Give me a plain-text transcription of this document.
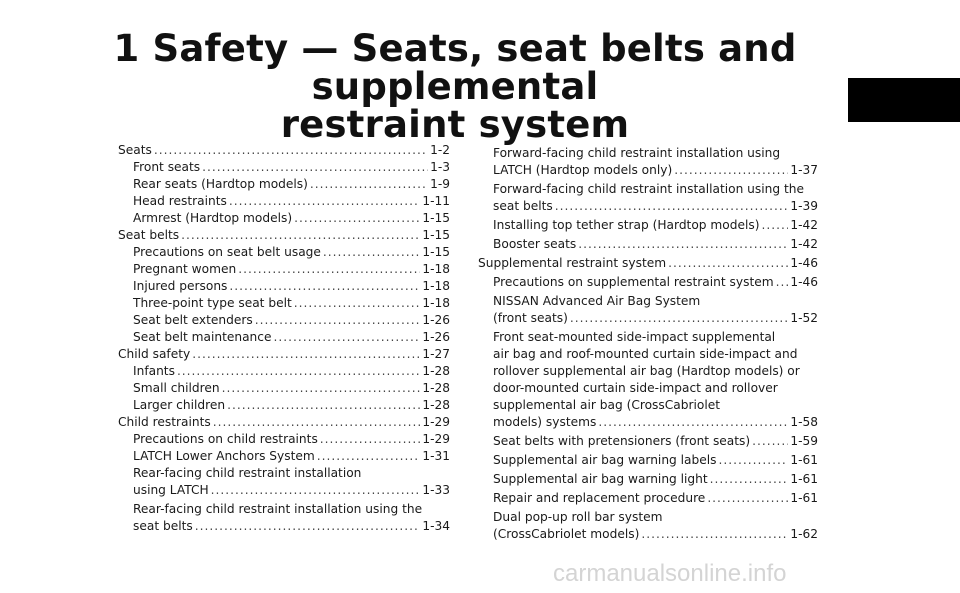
1 Safety — Seats, seat belts and supplemental
restraint system
Seats .....	1-2
Front seats .....	1-3
Rear seats (Hardtop models) .....	1-9
Head restraints .....	1-11
Armrest (Hardtop models) .....	1-15
Seat belts .....	1-15
Precautions on seat belt usage .....	1-15
Pregnant women .....	1-18
Injured persons .....	1-18
Three-point type seat belt .....	1-18
Seat belt extenders .....	1-26
Seat belt maintenance .....	1-26
Child safety .....	1-27
Infants .....	1-28
Small children .....	1-28
Larger children .....	1-28
Child restraints .....	1-29
Precautions on child restraints .....	1-29
LATCH Lower Anchors System .....	1-31
Rear-facing child restraint installation
using LATCH .....	1-33
Rear-facing child restraint installation using the
seat belts .....	1-34
Forward-facing child restraint installation using
LATCH (Hardtop models only) .....	1-37
Forward-facing child restraint installation using the
seat belts .....	1-39
Installing top tether strap (Hardtop models) .....	1-42
Booster seats .....	1-42
Supplemental restraint system .....	1-46
Precautions on supplemental restraint system ..... 1-46
NISSAN Advanced Air Bag System
(front seats) .....	1-52
Front seat-mounted side-impact supplemental
air bag and roof-mounted curtain side-impact and
rollover supplemental air bag (Hardtop models) or
door-mounted curtain side-impact and rollover
supplemental air bag (CrossCabriolet
models) systems .....	1-58
Seat belts with pretensioners (front seats) .....	1-59
Supplemental air bag warning labels .....	1-61
Supplemental air bag warning light .....	1-61
Repair and replacement procedure .....	1-61
Dual pop-up roll bar system
(CrossCabriolet models) .....	1-62
carmanualsonline.info
